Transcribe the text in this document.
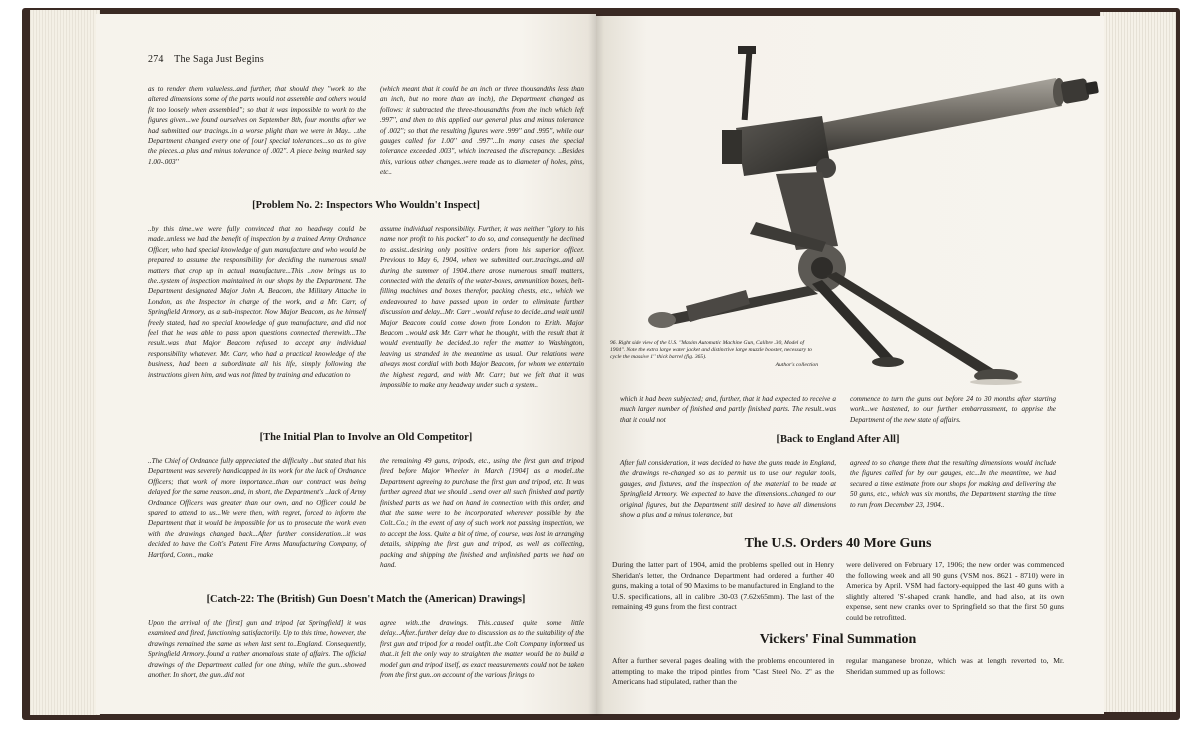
274 The Saga Just Begins

as to render them valueless..and further, that should they ''work to the altered dimensions some of the parts would not assemble and others would fit too loosely when assembled''; so that it was impossible to work to the figures given...we found ourselves on September 8th, four months after we had submitted our tracings..in a worse plight than we were in May.. ..the Department changed every one of [our] special tolerances...so as to give the pieces..a plus and minus tolerance of .002''. A piece being marked say 1.00-.003''

(which meant that it could be an inch or three thousandths less than an inch, but no more than an inch), the Department changed as follows: it subtracted the three-thousandths from the inch which left .997'', and then to this applied our general plus and minus tolerance of .002''; so that the resulting figures were .999'' and .995'', while our gauges called for 1.00'' and .997''...In many cases the special tolerance exceeded .003'', which increased the discrepancy. ..Besides this, various other changes..were made as to diameter of holes, pins, etc..

[Problem No. 2: Inspectors Who Wouldn't Inspect]

..by this time..we were fully convinced that no headway could be made..unless we had the benefit of inspection by a trained Army Ordnance Officer, who had special knowledge of gun manufacture and who would be prepared to assume the responsibility for deciding the numerous small matters that crop up in actual manufacture...This ..now brings us to the..system of inspection maintained in our shops by the Department. The Department designated Major John A. Beacom, the Military Attache in London, as the Inspector in charge of the work, and a Mr. Carr, of Springfield Armory, as a sub-inspector. Now Major Beacom, as he himself freely stated, had no special knowledge of gun manufacture, and did not feel that he was able to pass upon questions connected therewith...The result..was that Major Beacom refused to accept any individual responsibility whatever. Mr. Carr, who had a practical knowledge of the business, had been a subordinate all his life, simply following the instructions given him, and was not fitted by training and education to

assume individual responsibility. Further, it was neither ''glory to his name nor profit to his pocket'' to do so, and consequently he declined to assist..desiring only positive orders from his superior officer. Previous to May 6, 1904, when we submitted our..tracings..and all during the summer of 1904..there arose numerous small matters, connected with the details of the water-boxes, ammunition boxes, belt-filling machines and boxes therefor, packing chests, etc., which we endeavoured to have passed upon in order to eliminate further discussion and delay...Mr. Carr ..would refuse to decide..and wait until Major Beacom could come down from London to Erith. Major Beacom ..would ask Mr. Carr what he thought, with the result that it would eventually be decided..to refer the matter to Washington, leaving us stranded in the meantime as usual. Our relations were always most cordial with both Major Beacom, for whom we entertain the highest regard, and with Mr. Carr; but we felt that it was impossible to make any headway under such a system..

[The Initial Plan to Involve an Old Competitor]

..The Chief of Ordnance fully appreciated the difficulty ..but stated that his Department was severely handicapped in its work for the lack of Ordnance Officers; that work of more importance..than our contract was being delayed for the same reason..and, in short, the Department's ..lack of Army Ordnance Officers was greater than our own, and no Officer could be spared to attend to us...We were then, with regret, forced to inform the Department that it would be impossible for us to prosecute the work even with the drawings changed back...After further consideration...it was decided to have the Colt's Patent Fire Arms Manufacturing Company, of Hartford, Conn., make

the remaining 49 guns, tripods, etc., using the first gun and tripod fired before Major Wheeler in March [1904] as a model..the Department agreeing to purchase the first gun and tripod, etc. It was further agreed that we should ..send over all such finished and partly finished parts as we had on hand in connection with this order, and that the same were to be incorporated wherever possible by the Colt..Co.; in the event of any of such work not passing inspection, we to accept the loss. Quite a bit of time, of course, was lost in arranging details, shipping the first gun and tripod, as well as collecting, packing and shipping the finished and unfinished parts we had on hand.

[Catch-22: The (British) Gun Doesn't Match the (American) Drawings]

Upon the arrival of the [first] gun and tripod [at Springfield] it was examined and fired, functioning satisfactorily. Up to this time, however, the drawings remained the same as when last sent to..England. Consequently, Springfield Armory..found a rather anomalous state of affairs. The official drawings of the Department called for one thing, while the gun...showed another. In short, the gun..did not

agree with..the drawings. This..caused quite some little delay...After..further delay due to discussion as to the suitability of the first gun and tripod for a model outfit..the Colt Company informed us that..it felt the only way to straighten the matter would be to build a model gun and tripod itself, as exact measurements could not be taken from the first gun..on account of the various firings to

96. Right side view of the U.S. ''Maxim Automatic Machine Gun, Calibre .30, Model of 1904''. Note the extra large water jacket and distinctive large muzzle booster, necessary to cycle the massive 1'' thick barrel (fig. 365).
Author's collection

which it had been subjected; and, further, that it had expected to receive a much larger number of finished and partly finished parts. The result..was that it could not

commence to turn the guns out before 24 to 30 months after starting work...we hastened, to our further embarrassment, to apprise the Department of the new state of affairs.

[Back to England After All]

After full consideration, it was decided to have the guns made in England, the drawings re-changed so as to permit us to use our regular tools, gauges, and fixtures, and the inspection of the material to be made at Springfield Armory. We expected to have the dimensions..changed to our original figures, but the Department still desired to have all dimensions show a plus and a minus tolerance, but

agreed to so change them that the resulting dimensions would include the figures called for by our gauges, etc...In the meantime, we had secured a time estimate from our shops for making and delivering the 50 guns, etc., which was six months, the Department starting the time to run from December 23, 1904..

The U.S. Orders 40 More Guns

During the latter part of 1904, amid the problems spelled out in Henry Sheridan's letter, the Ordnance Department had ordered a further 40 guns, making a total of 90 Maxims to be manufactured in England to the U.S. specifications, all in calibre .30-03 (7.62x65mm). The last of the remaining 49 guns from the first contract

were delivered on February 17, 1906; the new order was commenced the following week and all 90 guns (VSM nos. 8621 - 8710) were in America by April. VSM had factory-equipped the last 40 guns with a slightly altered 'S'-shaped crank handle, and had also, at its own expense, sent new cranks over to Springfield so that the first 50 guns could be retrofitted.

Vickers' Final Summation

After a further several pages dealing with the problems encountered in attempting to make the tripod pintles from ''Cast Steel No. 2'' as the Americans had stipulated, rather than the

regular manganese bronze, which was at length reverted to, Mr. Sheridan summed up as follows:
